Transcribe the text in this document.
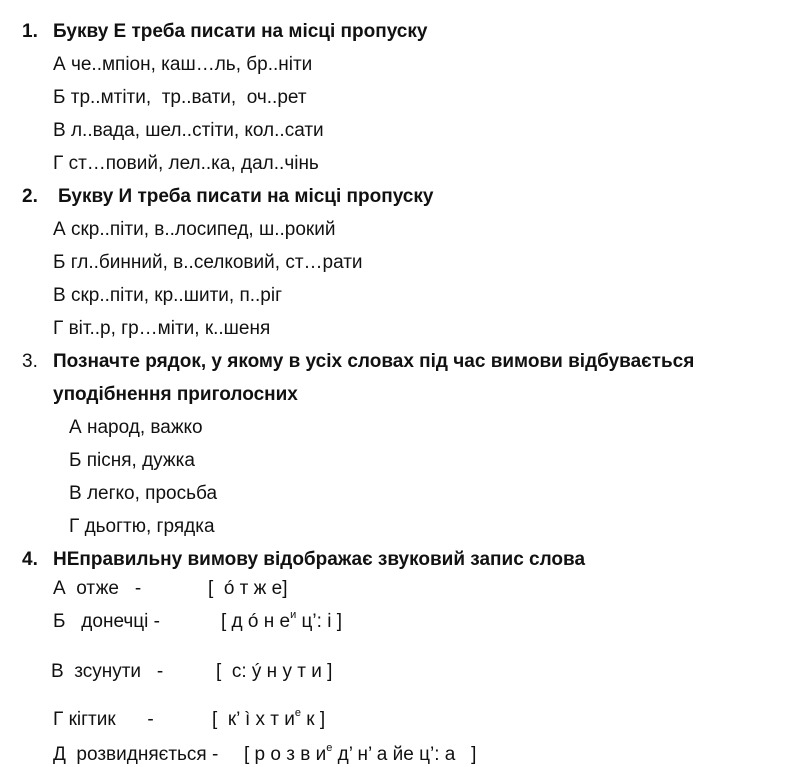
1. Букву Е треба писати на місці пропуску
А че..мпіон, каш…ль, бр..ніти
Б тр..мтіти,  тр..вати,  оч..рет
В л..вада, шел..стіти, кол..сати
Г ст…повий, лел..ка, дал..чінь
2. Букву И треба писати на місці пропуску
А скр..піти, в..лосипед, ш..рокий
Б гл..бинний, в..селковий, ст…рати
В скр..піти, кр..шити, п..ріг
Г віт..р, гр…міти, к..шеня
3. Позначте рядок, у якому в усіх словах під час вимови відбувається
уподібнення приголосних
А народ, важко
Б пісня, дужка
В легко, просьба
Г дьогтю, грядка
4. НЕправильну вимову відображає звуковий запис слова
А  отже   -	[  ó т ж е]
Б   донечці -	[ д ó н $е^и$ ц’: і ]
В  зсунути   -	[  с: ý н у т и ]
Г кігтик      -	[  к’ ì х т $и^е$ к ]
Д  розвидняється - [ р о з в $и^е$ д’ н’ а йе ц’: а   ]
